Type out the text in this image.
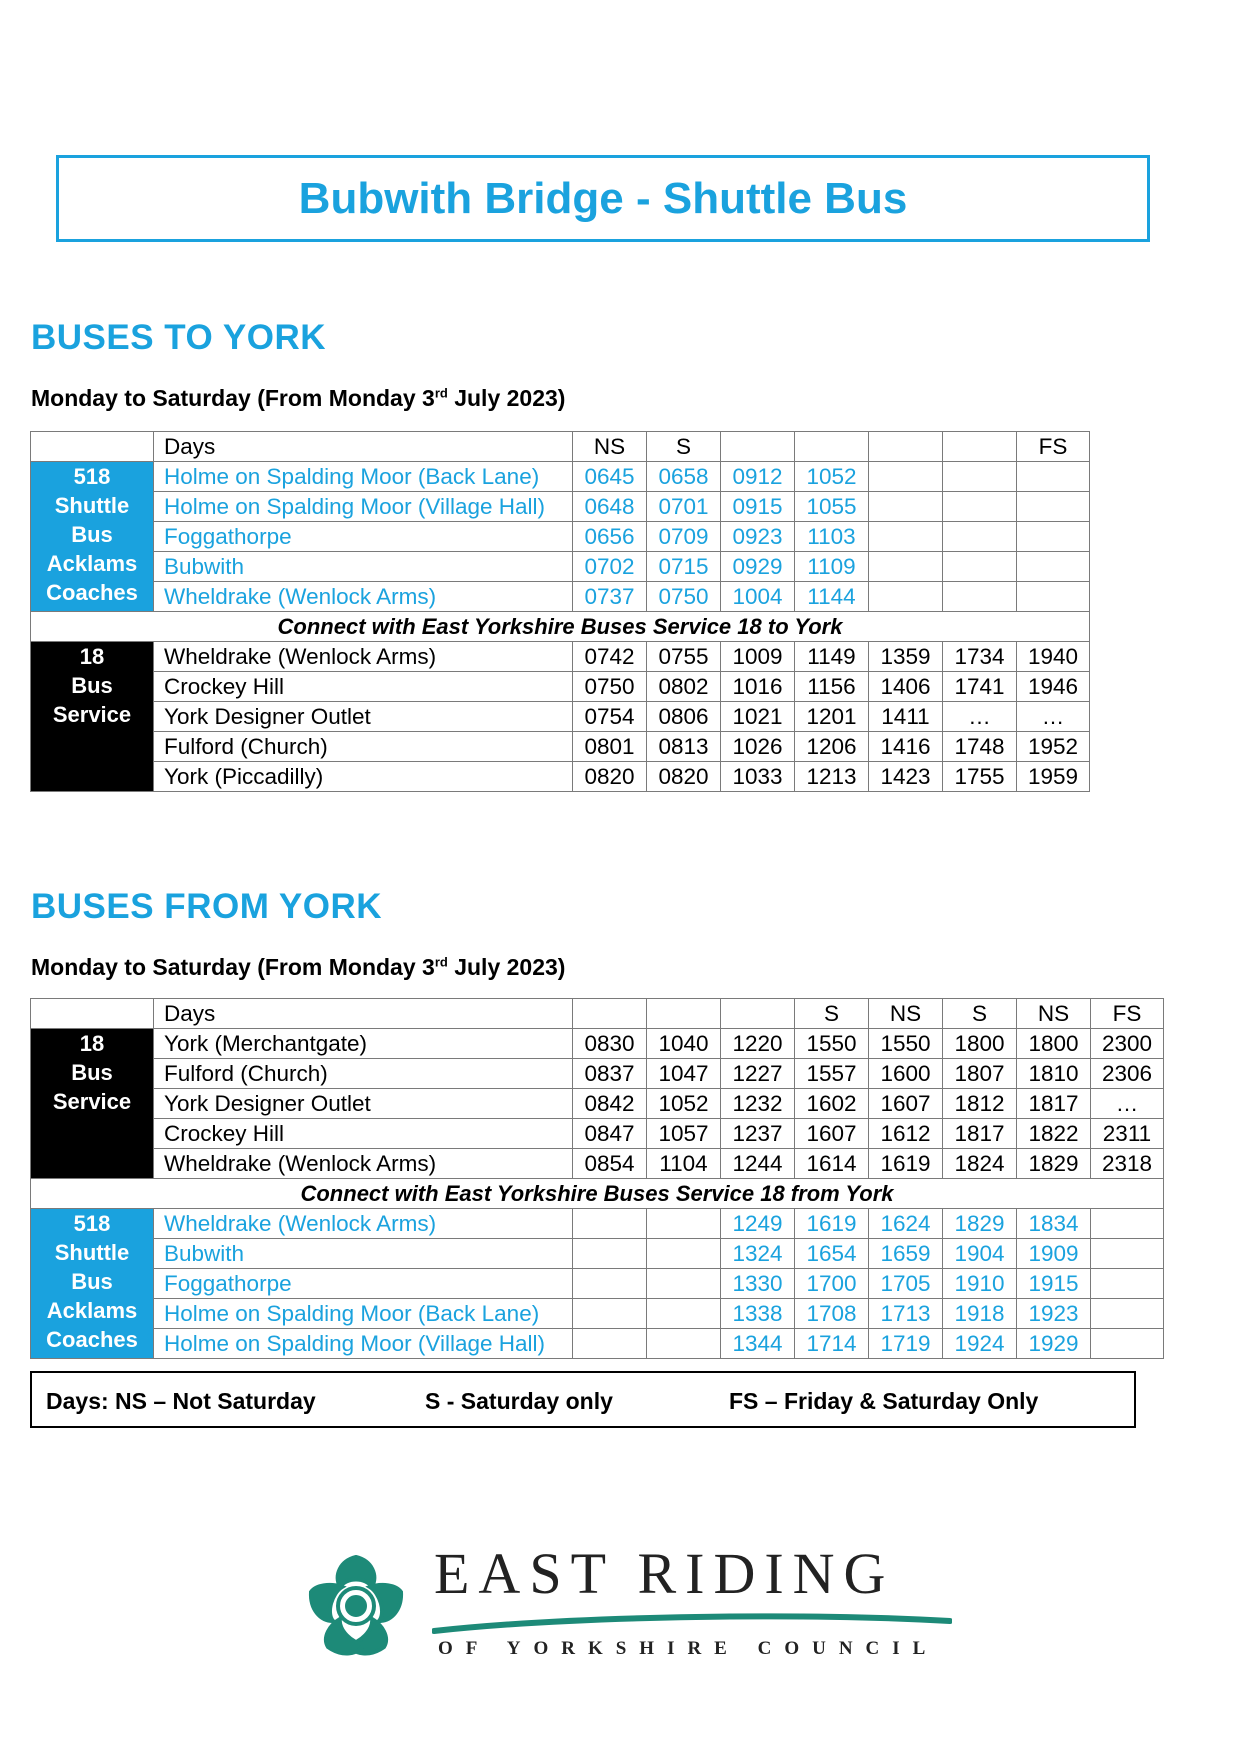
Bubwith Bridge - Shuttle Bus
BUSES TO YORK
Monday to Saturday (From Monday 3rd July 2023)
	Days	NS	S					FS

518
Shuttle
Bus
Acklams
Coaches	Holme on Spalding Moor (Back Lane)	0645	0658	0912	1052			
	Holme on Spalding Moor (Village Hall)	0648	0701	0915	1055			
	Foggathorpe	0656	0709	0923	1103			
	Bubwith	0702	0715	0929	1109			
	Wheldrake (Wenlock Arms)	0737	0750	1004	1144			
Connect with East Yorkshire Buses Service 18 to York								

18
Bus
Service	Wheldrake (Wenlock Arms)	0742	0755	1009	1149	1359	1734	1940
	Crockey Hill	0750	0802	1016	1156	1406	1741	1946
	York Designer Outlet	0754	0806	1021	1201	1411	…	…
	Fulford (Church)	0801	0813	1026	1206	1416	1748	1952
	York (Piccadilly)	0820	0820	1033	1213	1423	1755	1959
BUSES FROM YORK
Monday to Saturday (From Monday 3rd July 2023)
	Days				S	NS	S	NS	FS

18
Bus
Service	York (Merchantgate)	0830	1040	1220	1550	1550	1800	1800	2300
	Fulford (Church)	0837	1047	1227	1557	1600	1807	1810	2306
	York Designer Outlet	0842	1052	1232	1602	1607	1812	1817	…
	Crockey Hill	0847	1057	1237	1607	1612	1817	1822	2311
	Wheldrake (Wenlock Arms)	0854	1104	1244	1614	1619	1824	1829	2318
Connect with East Yorkshire Buses Service 18 from York									

518
Shuttle
Bus
Acklams
Coaches	Wheldrake (Wenlock Arms)			1249	1619	1624	1829	1834	
	Bubwith			1324	1654	1659	1904	1909	
	Foggathorpe			1330	1700	1705	1910	1915	
	Holme on Spalding Moor (Back Lane)			1338	1708	1713	1918	1923	
	Holme on Spalding Moor (Village Hall)			1344	1714	1719	1924	1929	
Days: NS – Not Saturday	S - Saturday only	FS – Friday & Saturday Only
EAST RIDING
OF YORKSHIRE COUNCIL
